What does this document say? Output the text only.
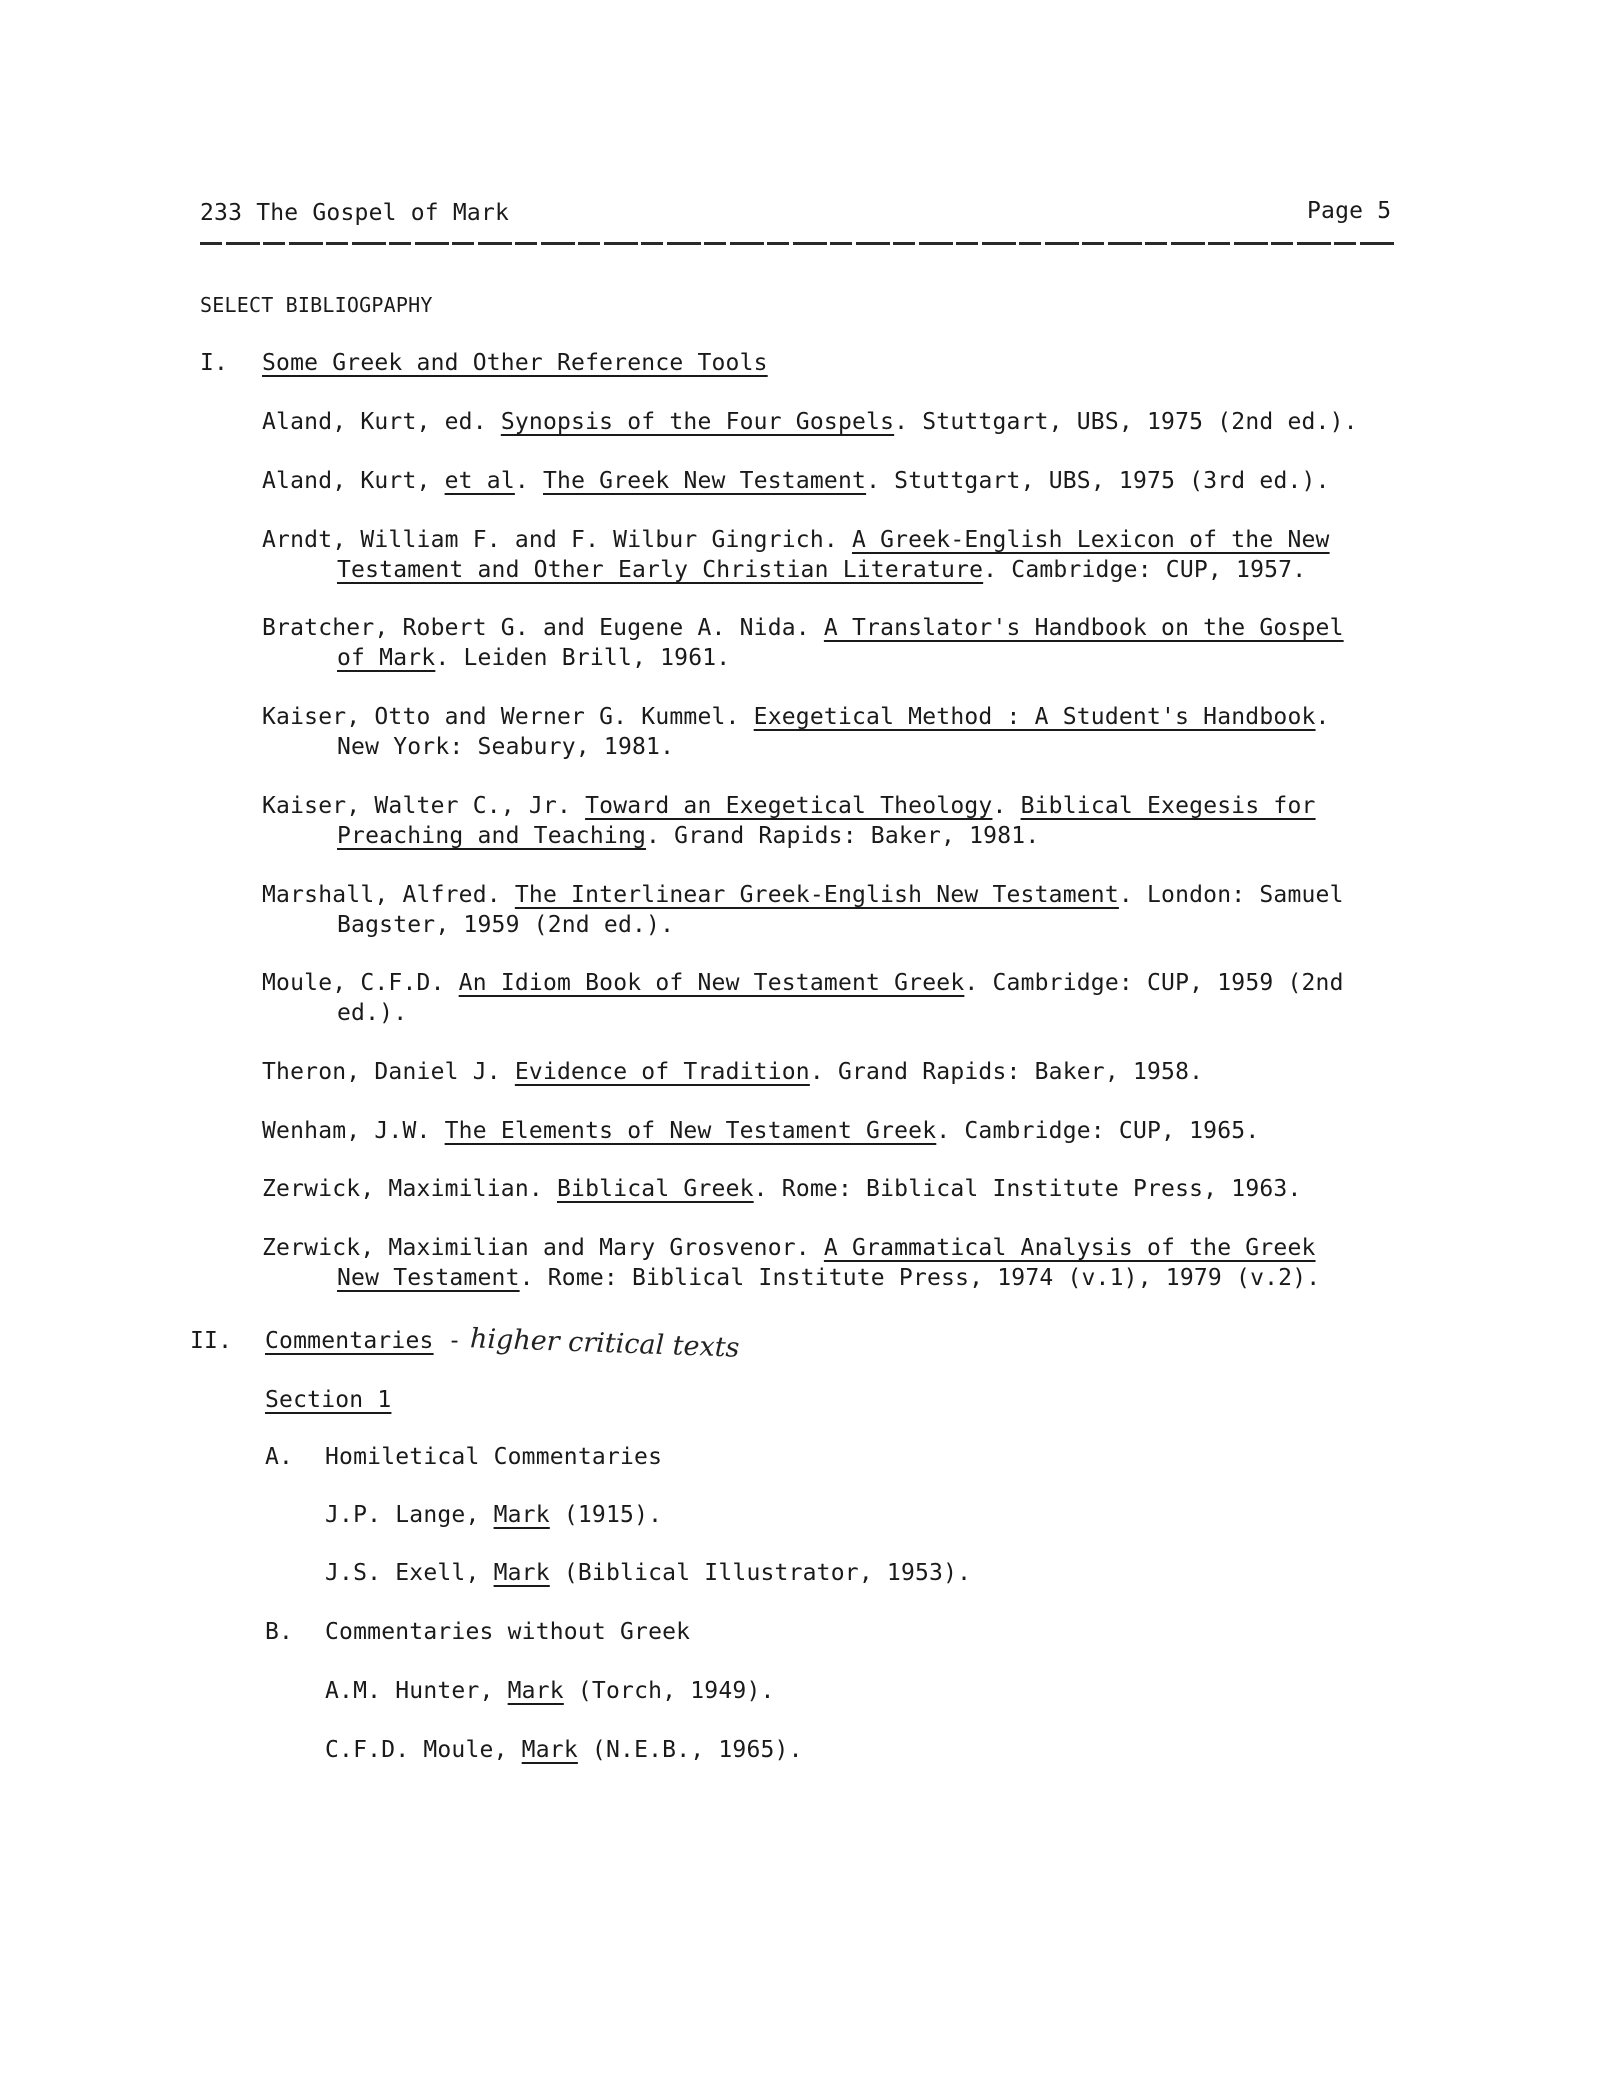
233 The Gospel of Mark	Page 5
SELECT BIBLIOGPAPHY
I. Some Greek and Other Reference Tools
Aland, Kurt, ed. Synopsis of the Four Gospels. Stuttgart, UBS, 1975 (2nd ed.).
Aland, Kurt, et al. The Greek New Testament. Stuttgart, UBS, 1975 (3rd ed.).
Arndt, William F. and F. Wilbur Gingrich. A Greek-English Lexicon of the New
Testament and Other Early Christian Literature. Cambridge: CUP, 1957.
Bratcher, Robert G. and Eugene A. Nida. A Translator's Handbook on the Gospel
of Mark. Leiden Brill, 1961.
Kaiser, Otto and Werner G. Kummel. Exegetical Method : A Student's Handbook.
New York: Seabury, 1981.
Kaiser, Walter C., Jr. Toward an Exegetical Theology. Biblical Exegesis for
Preaching and Teaching. Grand Rapids: Baker, 1981.
Marshall, Alfred. The Interlinear Greek-English New Testament. London: Samuel
Bagster, 1959 (2nd ed.).
Moule, C.F.D. An Idiom Book of New Testament Greek. Cambridge: CUP, 1959 (2nd
ed.).
Theron, Daniel J. Evidence of Tradition. Grand Rapids: Baker, 1958.
Wenham, J.W. The Elements of New Testament Greek. Cambridge: CUP, 1965.
Zerwick, Maximilian. Biblical Greek. Rome: Biblical Institute Press, 1963.
Zerwick, Maximilian and Mary Grosvenor. A Grammatical Analysis of the Greek
New Testament. Rome: Biblical Institute Press, 1974 (v.1), 1979 (v.2).
II. Commentaries - higher critical texts
Section 1
A. Homiletical Commentaries
J.P. Lange, Mark (1915).
J.S. Exell, Mark (Biblical Illustrator, 1953).
B. Commentaries without Greek
A.M. Hunter, Mark (Torch, 1949).
C.F.D. Moule, Mark (N.E.B., 1965).
